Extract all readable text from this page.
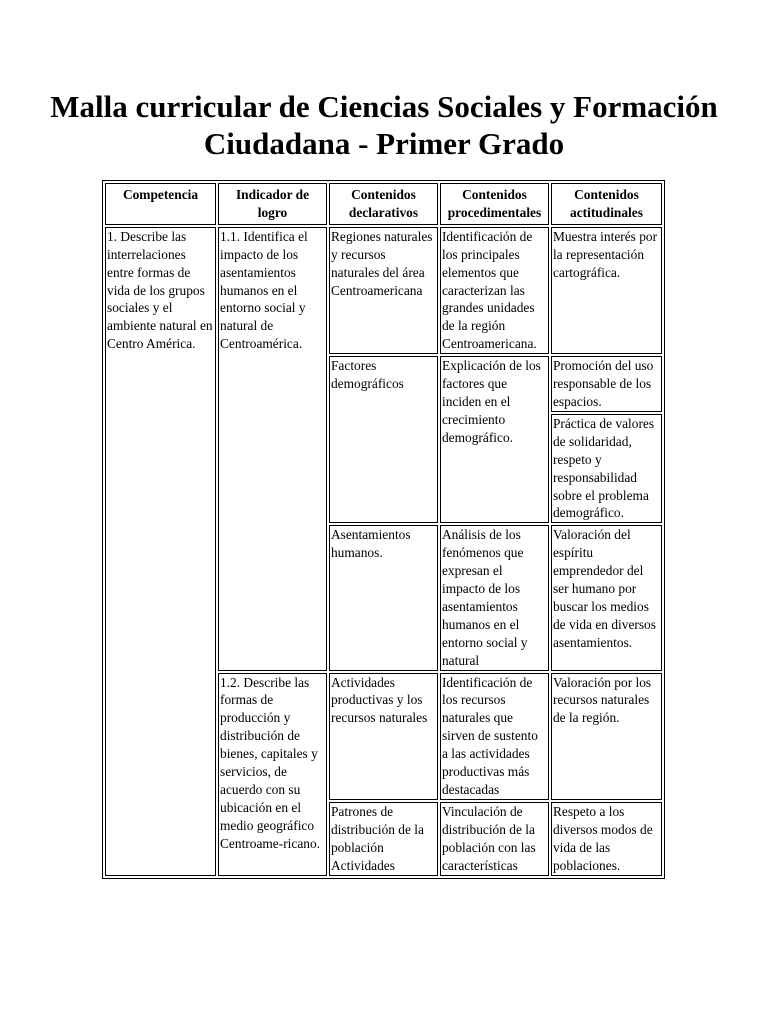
Malla curricular de Ciencias Sociales y Formación Ciudadana - Primer Grado
Competencia	Indicador de logro	Contenidos declarativos	Contenidos procedimentales	Contenidos actitudinales
1. Describe las interrelaciones entre formas de vida de los grupos sociales y el ambiente natural en Centro América.	1.1. Identifica el impacto de los asentamientos humanos en el entorno social y natural de Centroamérica.	Regiones naturales y recursos naturales del área Centroamericana	Identificación de los principales elementos que caracterizan las grandes unidades de la región Centroamericana.	Muestra interés por la representación cartográfica.
		Factores demográficos	Explicación de los factores que inciden en el crecimiento demográfico.	Promoción del uso responsable de los espacios.
				Práctica de valores de solidaridad, respeto y responsabilidad sobre el problema demográfico.
		Asentamientos humanos.	Análisis de los fenómenos que expresan el impacto de los asentamientos humanos en el entorno social y natural	Valoración del espíritu emprendedor del ser humano por buscar los medios de vida en diversos asentamientos.
	1.2. Describe las formas de producción y distribución de bienes, capitales y servicios, de acuerdo con su ubicación en el medio geográfico Centroame-ricano.	Actividades productivas y los recursos naturales	Identificación de los recursos naturales que sirven de sustento a las actividades productivas más destacadas	Valoración por los recursos naturales de la región.
		Patrones de distribución de la población Actividades	Vinculación de distribución de la población con las características	Respeto a los diversos modos de vida de las poblaciones.
